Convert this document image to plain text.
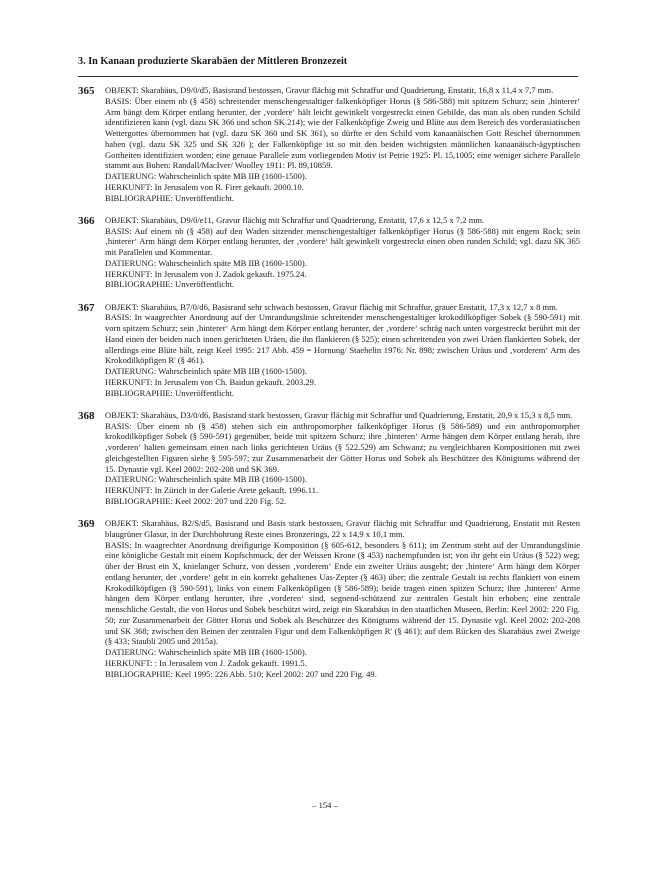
3. In Kanaan produzierte Skarabäen der Mittleren Bronzezeit
365 OBJEKT: Skarabäus, D9/0/d5, Basisrand bestossen, Gravur flächig mit Schraffur und Quadrierung, Enstatit, 16,8 x 11,4 x 7,7 mm.
BASIS: Über einem nb (§ 458) schreitender menschengestaltiger falkenköpfiger Horus (§ 586-588) mit spitzem Schurz; sein ‚hinterer‘ Arm hängt dem Körper entlang herunter, der ‚vordere‘ hält leicht gewinkelt vorgestreckt einen Gebilde, das man als oben runden Schild identifizieren kann (vgl. dazu SK 366 und schon SK 214); wie der Falkenköpfige Zweig und Blüte aus dem Bereich des vorderasiatischen Wettergottes übernommen hat (vgl. dazu SK 360 und SK 361), so dürfte er den Schild vom kanaanäischen Gott Reschef übernommen haben (vgl. dazu SK 325 und SK 326 ); der Falkenköpfige ist so mit den beiden wichtigsten männlichen kanaanäisch-ägyptischen Gottheiten identifiziert worden; eine genaue Parallele zum vorliegenden Motiv ist Petrie 1925: Pl. 15,1005; eine weniger sichere Parallele stammt aus Buhen: Randall/MacIver/ Woolley 1911: Pl. 89,10859.
DATIERUNG: Wahrscheinlich späte MB IIB (1600-1500).
HERKUNFT: In Jerusalem von R. Firer gekauft. 2000.10.
BIBLIOGRAPHIE: Unveröffentlicht.
366 OBJEKT: Skarabäus, D9/0/e11, Gravur flächig mit Schraffur und Quadrierung, Enstatit, 17,6 x 12,5 x 7,2 mm.
BASIS: Auf einem nb (§ 458) auf den Waden sitzender menschengestaltiger falkenköpfiger Horus (§ 586-588) mit engem Rock; sein ‚hinterer‘ Arm hängt dem Körper entlang herunter, der ‚vordere‘ hält gewinkelt vorgestreckt einen oben runden Schild; vgl. dazu SK 365 mit Parallelen und Kommentar.
DATIERUNG: Wahrscheinlich späte MB IIB (1600-1500).
HERKUNFT: In Jerusalem von J. Zadok gekauft. 1975.24.
BIBLIOGRAPHIE: Unveröffentlicht.
367 OBJEKT: Skarabäus, B7/0/d6, Basisrand sehr schwach bestossen, Gravur flächig mit Schraffur, grauer Enstatit, 17,3 x 12,7 x 8 mm.
BASIS: In waagrechter Anordnung auf der Umrandungslinie schreitender menschengestaltiger krokodilköpfiger Sobek (§ 590-591) mit vorn spitzem Schurz; sein ‚hinterer‘ Arm hängt dem Körper entlang herunter, der ‚vordere‘ schräg nach unten vorgestreckt berührt mit der Hand einen der beiden nach innen gerichteten Uräen, die ihn flankieren (§ 525); einen schreitenden von zwei Uräen flankierten Sobek, der allerdings eine Blüte hält, zeigt Keel 1995: 217 Abb. 459 = Hornung/ Staehelin 1976: Nr. 898; zwischen Uräus und ‚vorderem‘ Arm des Krokodilköpfigen R' (§ 461).
DATIERUNG: Wahrscheinlich späte MB IIB (1600-1500).
HERKUNFT: In Jerusalem von Ch. Baidun gekauft. 2003.29.
BIBLIOGRAPHIE: Unveröffentlicht.
368 OBJEKT: Skarabäus, D3/0/d6, Basisrand stark bestossen, Gravur flächig mit Schraffur und Quadrierung, Enstatit, 20,9 x 15,3 x 8,5 mm.
BASIS: Über einem nb (§ 458) stehen sich ein anthropomorpher falkenköpfiger Horus (§ 586-589) und ein anthropomorpher krokodilköpfiger Sobek (§ 590-591) gegenüber, beide mit spitzem Schurz; ihre ‚hinteren‘ Arme hängen dem Körper entlang herab, ihre ‚vorderen‘ halten gemeinsam einen nach links gerichteten Uräus (§ 522.529) am Schwanz; zu vergleichbaren Kompositionen mit zwei gleichgestellten Figuren siehe § 595-597; zur Zusammenarbeit der Götter Horus und Sobek als Beschützer des Königtums während der 15. Dynastie vgl. Keel 2002: 202-208 und SK 369.
DATIERUNG: Wahrscheinlich späte MB IIB (1600-1500).
HERKUNFT: In Zürich in der Galerie Arete gekauft. 1996.11.
BIBLIOGRAPHIE: Keel 2002: 207 und 220 Fig. 52.
369 OBJEKT: Skarabäus, B2/S/d5, Basisrand und Basis stark bestossen, Gravur flächig mit Schraffur und Quadrierung, Enstatit mit Resten blaugrüner Glasur, in der Durchbohrung Reste eines Bronzerings, 22 x 14,9 x 10,1 mm.
BASIS: In waagrechter Anordnung dreifigurige Komposition (§ 605-612, besonders § 611); im Zentrum steht auf der Umrandungslinie eine königliche Gestalt mit einem Kopfschmuck, der der Weissen Krone (§ 453) nachempfunden ist; von ihr geht ein Uräus (§ 522) weg; über der Brust ein X, knielanger Schurz, von dessen ‚vorderem‘ Ende ein zweiter Uräus ausgeht; der ‚hintere‘ Arm hängt dem Körper entlang herunter, der ‚vordere‘ geht in ein korrekt gehaltenes Uas-Zepter (§ 463) über; die zentrale Gestalt ist rechts flankiert von einem Krokodilköpfigen (§ 590-591), links von einem Falkenköpfigen (§ 586-589); beide tragen einen spitzen Schurz; ihre ‚hinteren‘ Arme hängen dem Körper entlang herunter, ihre ‚vorderen‘ sind, segnend-schützend zur zentralen Gestalt hin erhoben; eine zentrale menschliche Gestalt, die von Horus und Sobek beschützt wird, zeigt ein Skarabäus in den staatlichen Museen, Berlin: Keel 2002: 220 Fig. 50; zur Zusammenarbeit der Götter Horus und Sobek als Beschützer des Königtums während der 15. Dynastie vgl. Keel 2002: 202-208 und SK 368; zwischen den Beinen der zentralen Figur und dem Falkenköpfigen R' (§ 461); auf dem Rücken des Skarabäus zwei Zweige (§ 433; Staubli 2005 und 2015a).
DATIERUNG: Wahrscheinlich späte MB IIB (1600-1500).
HERKUNFT: : In Jerusalem von J. Zadok gekauft. 1991.5.
BIBLIOGRAPHIE: Keel 1995: 226 Abb. 510; Keel 2002: 207 und 220 Fig. 49.
– 154 –
